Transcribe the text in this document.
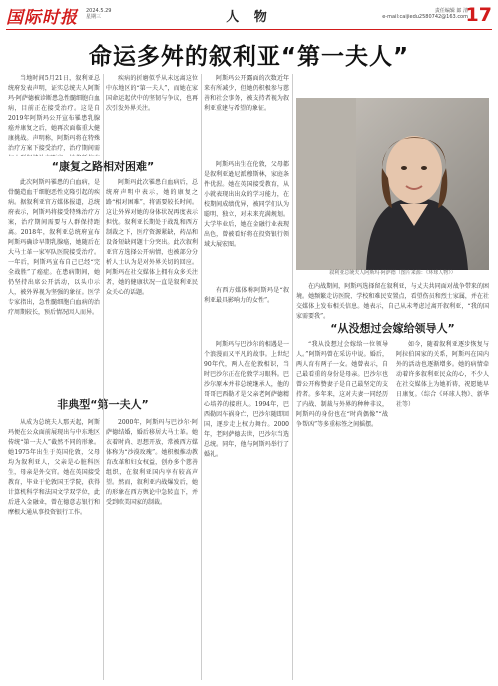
国际时报 2024.5.29
星期三	人 物	责任编辑 郎 清
e-mail:caijiedu2580742@163.com
17
命运多舛的叙利亚“第一夫人”

当地时间5月21日，叙利亚总统府发表声明，证实总统夫人阿斯玛·阿萨德被诊断患急性髓细胞白血病，目前正在接受治疗。这是自2019年阿斯玛公开宣布罹患乳腺癌并康复之后，她再次面临重大健康挑战。声明称，阿斯玛将在特殊治疗方案下接受治疗，治疗期间需

疾病的折磨似乎从未远离这位中东地区的“第一夫人”，而她在家国命运起伏中的坚韧与争议，也再次引发外界关注。

阿斯玛公开露面的次数近年来有所减少，但她仍积极参与慈善和社会事务，被支持者视为叙利亚重建与希望的象征。

“康复之路相对困难”

此次阿斯玛罹患的白血病，是骨髓造血干细胞恶性克隆引起的疾病。据叙利亚官方媒体报道，总统府表示，阿斯玛将接受特殊治疗方案，治疗期间需要与人群保持距离。2018年，叙利亚总统府宣布阿斯玛确诊早期乳腺癌，她随后在大马士革一家军队医院接受治疗。一年后，阿斯玛宣布自己已经“完全战胜”了癌症。在患病期间，她仍坚持出席公开活动，以头巾示人，被外界视为坚强的象征。医学专家指出，急性髓细胞白血病的治疗周期较长，预后情况因人而异。

阿斯玛此次罹患白血病后，总统府声明中表示，她的康复之路“相对困难”，将需要较长时间。这让外界对她的身体状况再度表示担忧。叙利亚长期处于战乱和西方制裁之下，医疗资源紧缺，药品和设备短缺问题十分突出。此次叙利亚官方选择公开病情，也被部分分析人士认为是对外界关切的回应。阿斯玛在社交媒体上拥有众多关注者，她的健康状况一直是叙利亚民众关心的话题。

非典型“第一夫人”

从成为总统夫人那天起，阿斯玛便在公众面前展现出与中东地区传统“第一夫人”截然不同的形象。她1975年出生于英国伦敦，父母均为叙利亚人，父亲是心脏科医生，母亲是外交官。她在英国接受教育，毕业于伦敦国王学院，获得计算机科学和法国文学双学位，此后进入金融业，曾在德意志银行和摩根大通从事投资银行工作。

2000年，阿斯玛与巴沙尔·阿萨德结婚，婚后移居大马士革。她衣着时尚、思想开放，常被西方媒体称为“沙漠玫瑰”。她积极推动教育改革和妇女权益，创办多个慈善组织，在叙利亚国内享有较高声望。然而，叙利亚内战爆发后，她的形象在西方舆论中急转直下，并受到欧美国家的制裁。

阿斯玛出生在伦敦，父母都是叙利亚逊尼派穆斯林，家庭条件优渥。她在英国接受教育，从小就表现出出众的学习能力，在校期间成绩优异，被同学们认为聪明、独立，对未来充满规划。大学毕业后，她在金融行业表现出色，曾被看好将在投资银行领域大展宏图。

有西方媒体称阿斯玛是“叙利亚最具影响力的女性”。

叙利亚总统夫人阿斯玛·阿萨德（图片来源：《环球人物》）

在内战期间，阿斯玛选择留在叙利亚，与丈夫共同面对战争带来的困境。她频繁走访医院、学校和难民安置点，看望伤员和烈士家属，并在社交媒体上发布相关信息。她表示，自己从未考虑过离开叙利亚，“我的国家需要我”。

“从没想过会嫁给领导人”

阿斯玛与巴沙尔的相遇是一个浪漫而又平凡的故事。上世纪90年代，两人在伦敦相识，当时巴沙尔正在伦敦学习眼科。巴沙尔原本并非总统继承人，他的哥哥巴西勒才是父亲老阿萨德精心培养的接班人。1994年，巴西勒因车祸身亡，巴沙尔随即回国，逐步走上权力舞台。2000年，老阿萨德去世，巴沙尔当选总统。同年，他与阿斯玛举行了婚礼。

“我从没想过会嫁给一位领导人。”阿斯玛曾在采访中说。婚后，两人育有两子一女。她曾表示，自己最看重的身份是母亲。巴沙尔也曾公开称赞妻子是自己最坚定的支持者。多年来，这对夫妻一同经历了内战、制裁与外界的种种非议，阿斯玛的身份也在“时尚偶像”“战争帮凶”等多重标签之间摇摆。

如今，随着叙利亚逐步恢复与阿拉伯国家的关系，阿斯玛在国内外的活动也逐渐增多。她的病情牵动着许多叙利亚民众的心，不少人在社交媒体上为她祈祷，祝愿她早日康复。（综合《环球人物》、新华社等）
